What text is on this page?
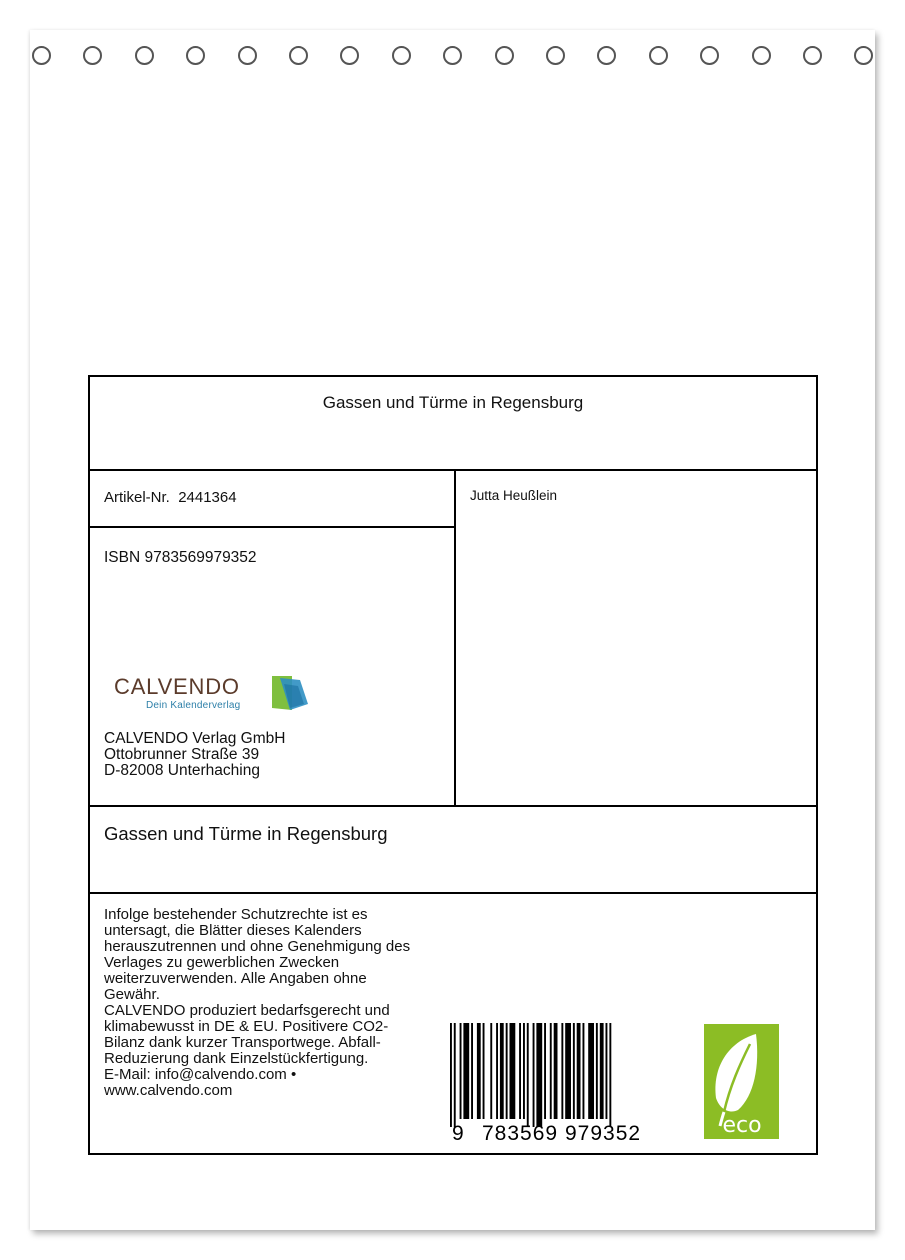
Gassen und Türme in Regensburg
Artikel-Nr. 2441364	Jutta Heußlein
ISBN 9783569979352
CALVENDO
Dein Kalenderverlag
CALVENDO Verlag GmbH
Ottobrunner Straße 39
D-82008 Unterhaching
Gassen und Türme in Regensburg
Infolge bestehender Schutzrechte ist es
untersagt, die Blätter dieses Kalenders
herauszutrennen und ohne Genehmigung des
Verlages zu gewerblichen Zwecken
weiterzuverwenden. Alle Angaben ohne
Gewähr.
CALVENDO produziert bedarfsgerecht und
klimabewusst in DE & EU. Positivere CO2-
Bilanz dank kurzer Transportwege. Abfall-
Reduzierung dank Einzelstückfertigung.
E-Mail: info@calvendo.com •
www.calvendo.com
9 783569 979352	eco
